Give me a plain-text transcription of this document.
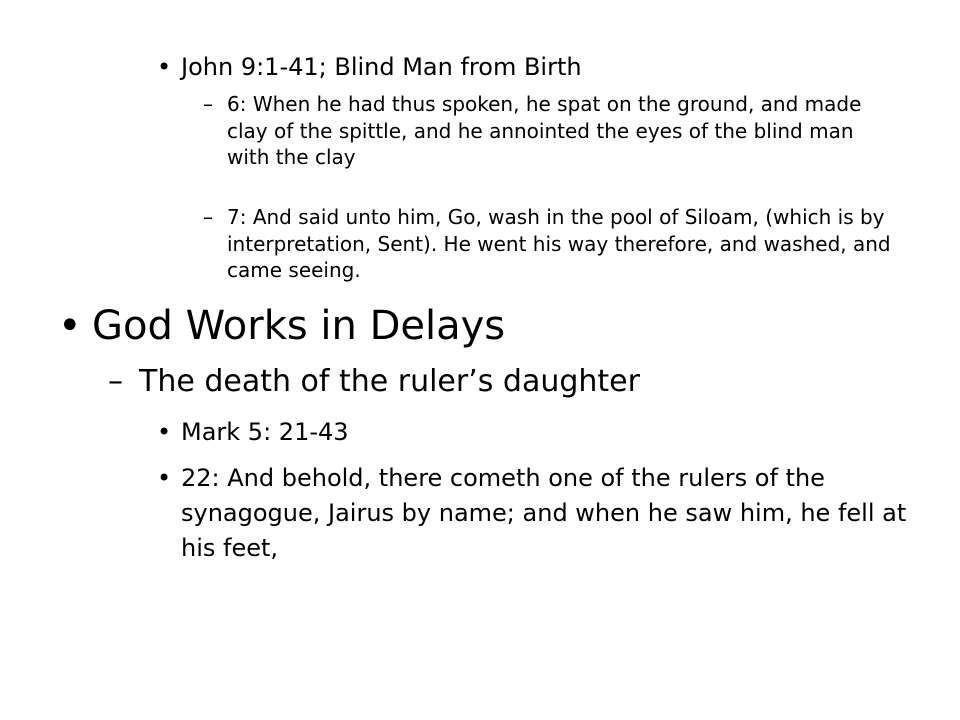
• John 9:1-41; Blind Man from Birth
– 6: When he had thus spoken, he spat on the ground, and made clay of the spittle, and he annointed the eyes of the blind man with the clay
– 7: And said unto him, Go, wash in the pool of Siloam, (which is by interpretation, Sent). He went his way therefore, and washed, and came seeing.
• God Works in Delays
– The death of the ruler’s daughter
• Mark 5: 21-43
• 22: And behold, there cometh one of the rulers of the synagogue, Jairus by name; and when he saw him, he fell at his feet,
